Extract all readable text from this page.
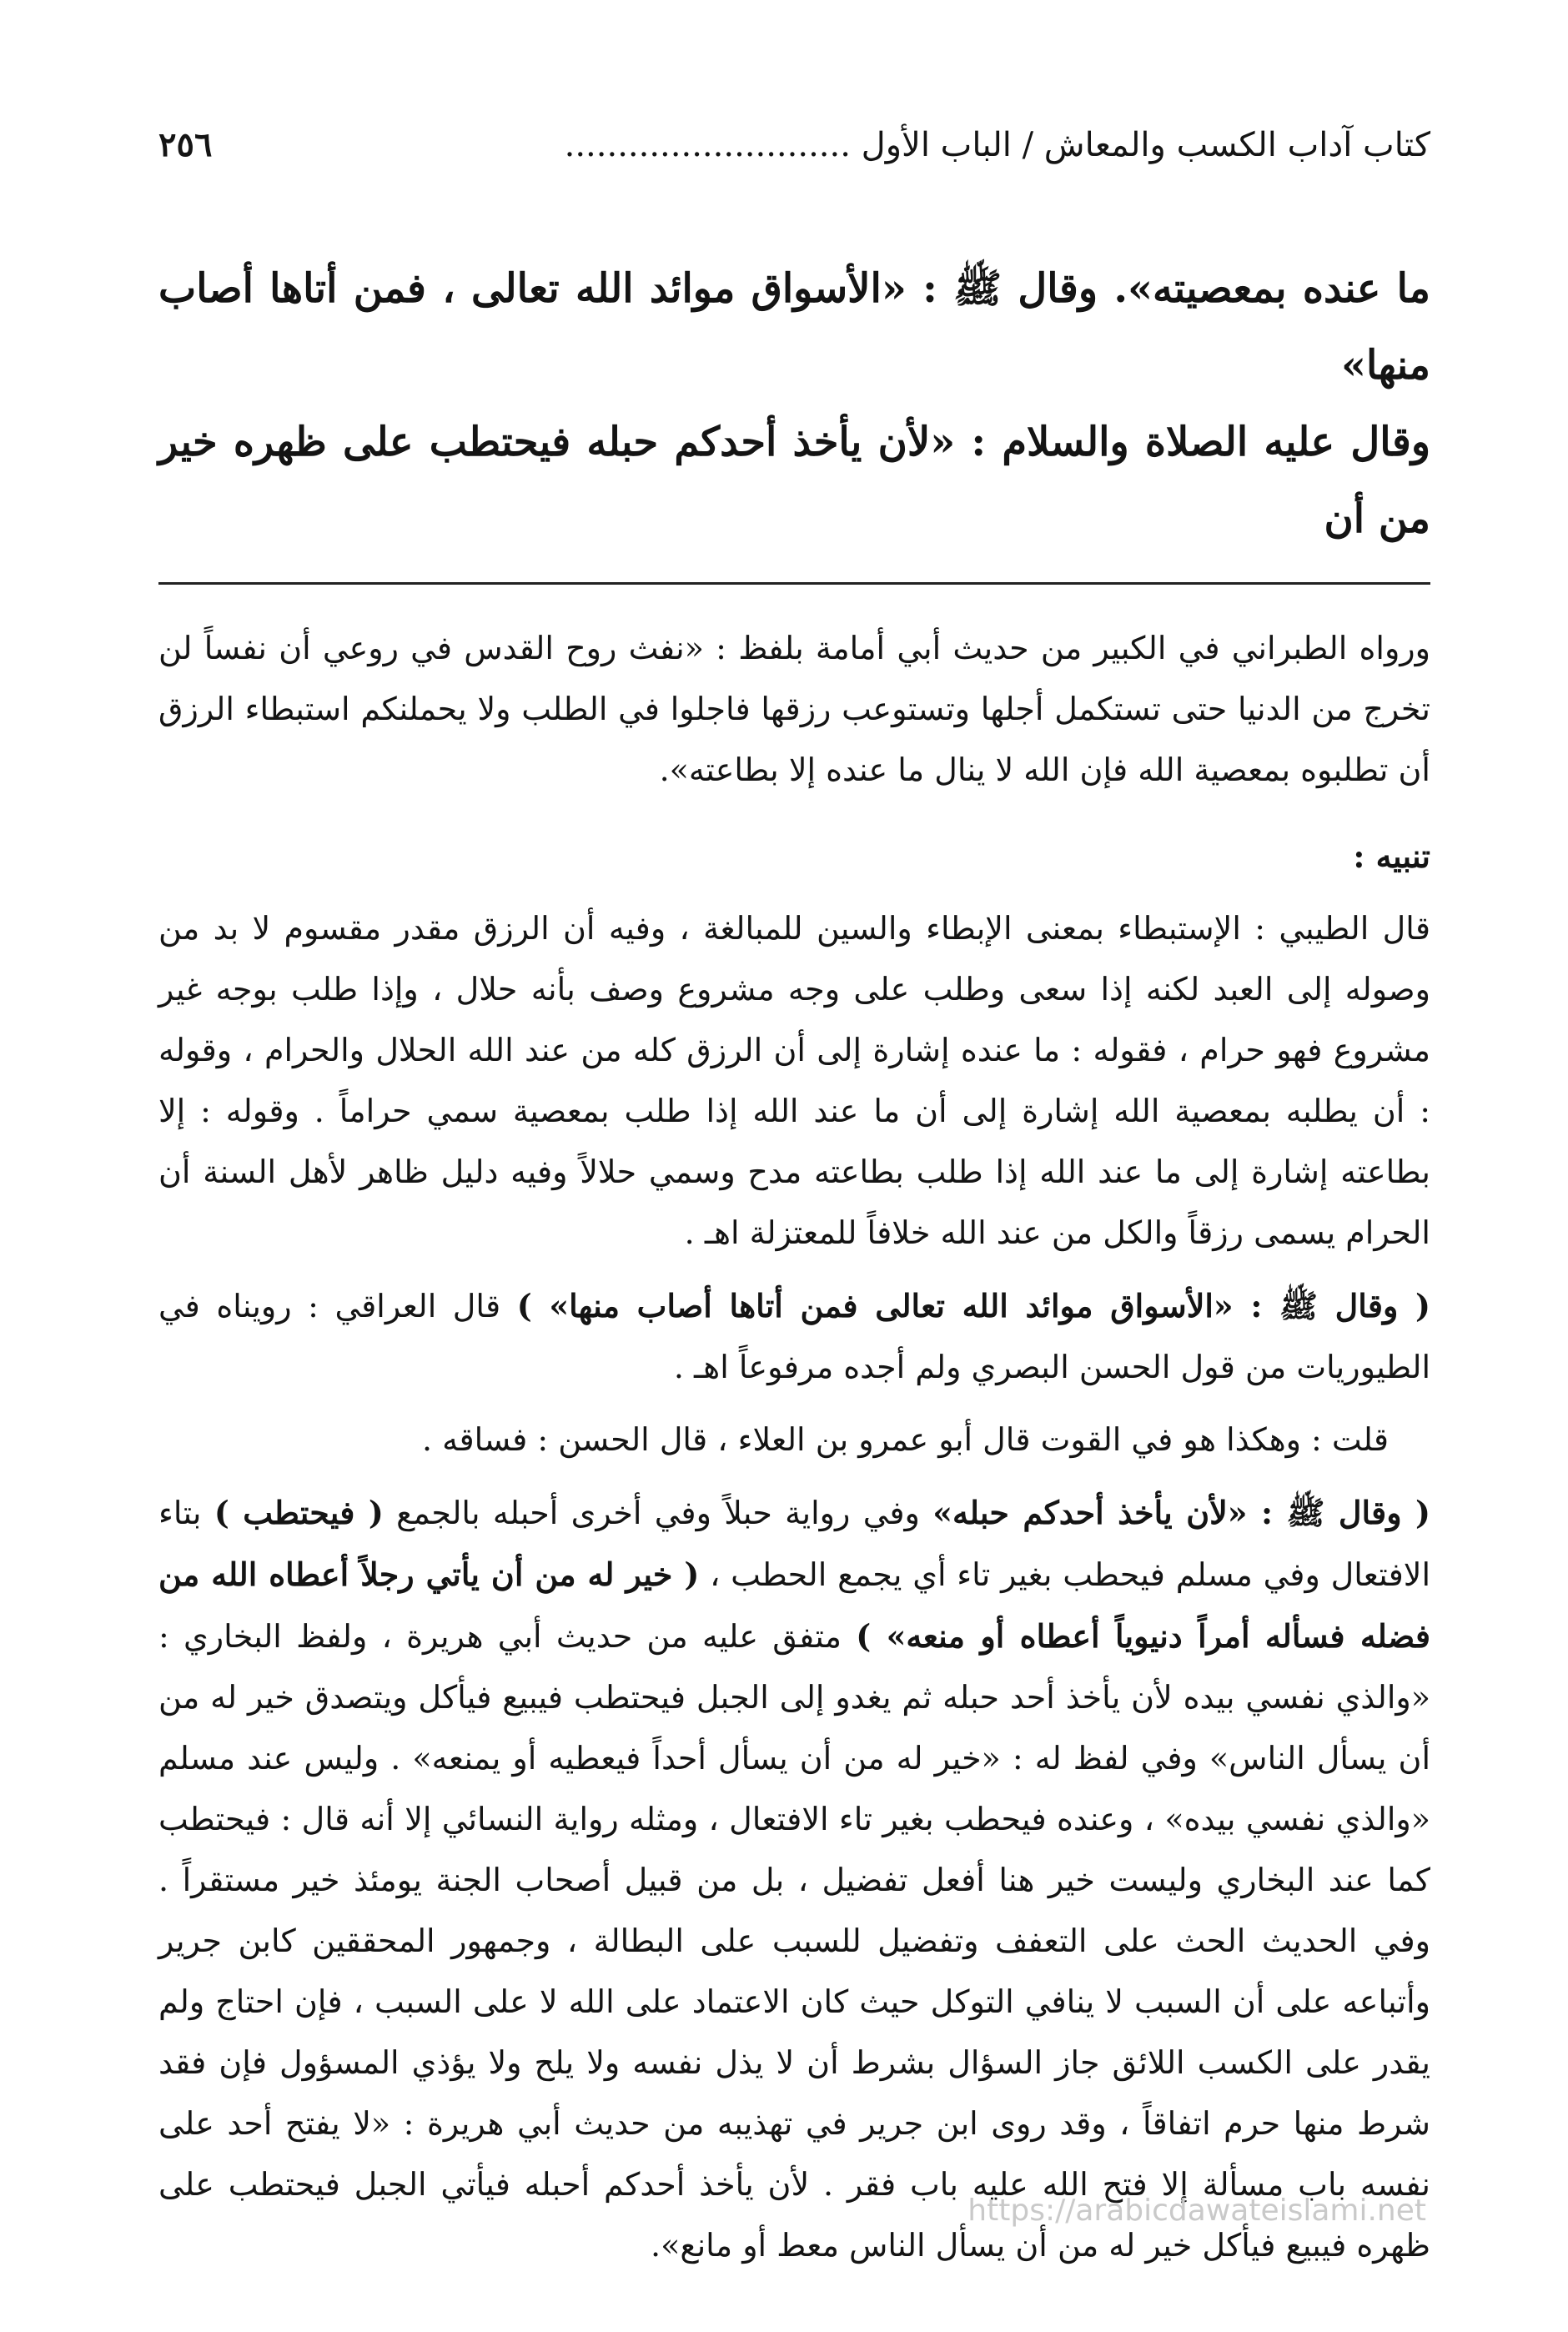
٢٥٦	كتاب آداب الكسب والمعاش / الباب الأول ...........................

ما عنده بمعصيته». وقال ﷺ : «الأسواق موائد الله تعالى ، فمن أتاها أصاب منها»

وقال عليه الصلاة والسلام : «لأن يأخذ أحدكم حبله فيحتطب على ظهره خير من أن

ورواه الطبراني في الكبير من حديث أبي أمامة بلفظ : «نفث روح القدس في روعي أن نفساً لن تخرج من الدنيا حتى تستكمل أجلها وتستوعب رزقها فاجلوا في الطلب ولا يحملنكم استبطاء الرزق أن تطلبوه بمعصية الله فإن الله لا ينال ما عنده إلا بطاعته».

تنبيه :

قال الطيبي : الإستبطاء بمعنى الإبطاء والسين للمبالغة ، وفيه أن الرزق مقدر مقسوم لا بد من وصوله إلى العبد لكنه إذا سعى وطلب على وجه مشروع وصف بأنه حلال ، وإذا طلب بوجه غير مشروع فهو حرام ، فقوله : ما عنده إشارة إلى أن الرزق كله من عند الله الحلال والحرام ، وقوله : أن يطلبه بمعصية الله إشارة إلى أن ما عند الله إذا طلب بمعصية سمي حراماً . وقوله : إلا بطاعته إشارة إلى ما عند الله إذا طلب بطاعته مدح وسمي حلالاً وفيه دليل ظاهر لأهل السنة أن الحرام يسمى رزقاً والكل من عند الله خلافاً للمعتزلة اهـ .

( وقال ﷺ : «الأسواق موائد الله تعالى فمن أتاها أصاب منها» ) قال العراقي : رويناه في الطيوريات من قول الحسن البصري ولم أجده مرفوعاً اهـ .

قلت : وهكذا هو في القوت قال أبو عمرو بن العلاء ، قال الحسن : فساقه .

( وقال ﷺ : «لأن يأخذ أحدكم حبله» وفي رواية حبلاً وفي أخرى أحبله بالجمع ( فيحتطب ) بتاء الافتعال وفي مسلم فيحطب بغير تاء أي يجمع الحطب ، ( خير له من أن يأتي رجلاً أعطاه الله من فضله فسأله أمراً دنيوياً أعطاه أو منعه» ) متفق عليه من حديث أبي هريرة ، ولفظ البخاري : «والذي نفسي بيده لأن يأخذ أحد حبله ثم يغدو إلى الجبل فيحتطب فيبيع فيأكل ويتصدق خير له من أن يسأل الناس» وفي لفظ له : «خير له من أن يسأل أحداً فيعطيه أو يمنعه» . وليس عند مسلم «والذي نفسي بيده» ، وعنده فيحطب بغير تاء الافتعال ، ومثله رواية النسائي إلا أنه قال : فيحتطب كما عند البخاري وليست خير هنا أفعل تفضيل ، بل من قبيل أصحاب الجنة يومئذ خير مستقراً . وفي الحديث الحث على التعفف وتفضيل للسبب على البطالة ، وجمهور المحققين كابن جرير وأتباعه على أن السبب لا ينافي التوكل حيث كان الاعتماد على الله لا على السبب ، فإن احتاج ولم يقدر على الكسب اللائق جاز السؤال بشرط أن لا يذل نفسه ولا يلح ولا يؤذي المسؤول فإن فقد شرط منها حرم اتفاقاً ، وقد روى ابن جرير في تهذيبه من حديث أبي هريرة : «لا يفتح أحد على نفسه باب مسألة إلا فتح الله عليه باب فقر . لأن يأخذ أحدكم أحبله فيأتي الجبل فيحتطب على ظهره فيبيع فيأكل خير له من أن يسأل الناس معط أو مانع».

https://arabicdawateislami.net
